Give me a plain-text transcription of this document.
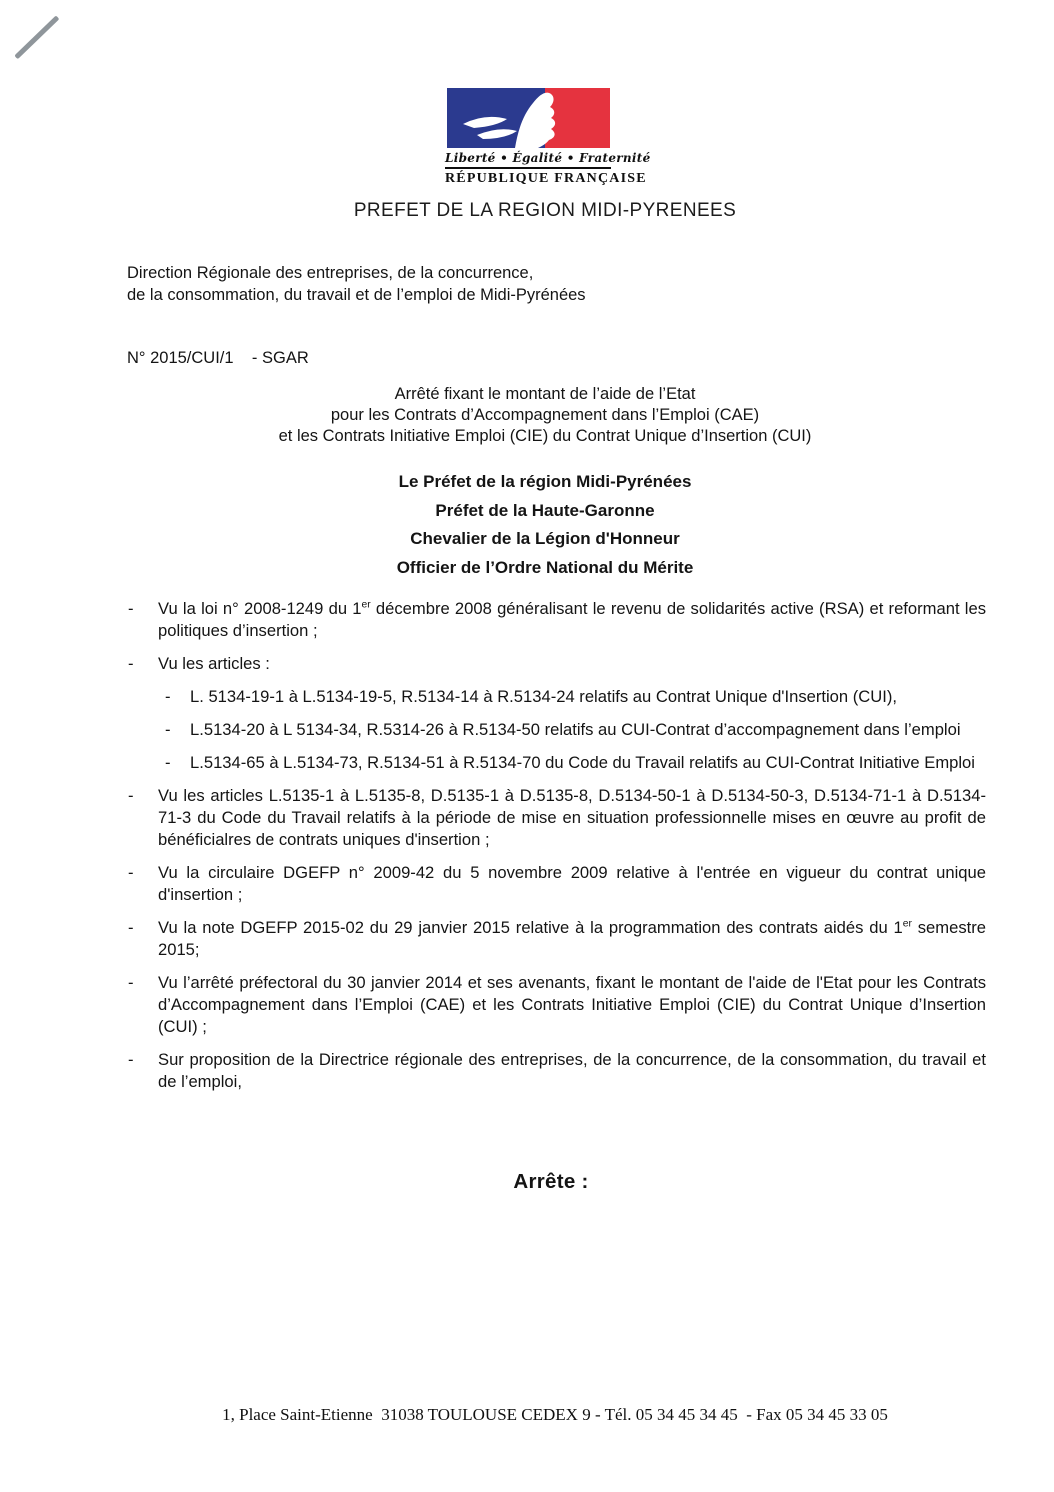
Liberté • Égalité • Fraternité
RÉPUBLIQUE FRANÇAISE
PREFET DE LA REGION MIDI-PYRENEES
Direction Régionale des entreprises, de la concurrence,
de la consommation, du travail et de l’emploi de Midi-Pyrénées
N° 2015/CUI/1    - SGAR
Arrêté fixant le montant de l’aide de l’Etat
pour les Contrats d’Accompagnement dans l’Emploi (CAE)
et les Contrats Initiative Emploi (CIE) du Contrat Unique d’Insertion (CUI)
Le Préfet de la région Midi-Pyrénées
Préfet de la Haute-Garonne
Chevalier de la Légion d'Honneur
Officier de l’Ordre National du Mérite
-	Vu la loi n° 2008-1249 du 1er décembre 2008 généralisant le revenu de solidarités active (RSA) et reformant les politiques d’insertion ;
-	Vu les articles :
-	L. 5134-19-1 à L.5134-19-5, R.5134-14 à R.5134-24 relatifs au Contrat Unique d'Insertion (CUI),
-	L.5134-20 à L 5134-34, R.5314-26 à R.5134-50 relatifs au CUI-Contrat d’accompagnement dans l’emploi
-	L.5134-65 à L.5134-73, R.5134-51 à R.5134-70 du Code du Travail relatifs au CUI-Contrat Initiative Emploi
-	Vu les articles L.5135-1 à L.5135-8, D.5135-1 à D.5135-8, D.5134-50-1 à D.5134-50-3, D.5134-71-1 à D.5134-71-3 du Code du Travail relatifs à la période de mise en situation professionnelle mises en œuvre au profit de bénéficialres de contrats uniques d'insertion ;
-	Vu la circulaire DGEFP n° 2009-42 du 5 novembre 2009 relative à l'entrée en vigueur du contrat unique d'insertion ;
-	Vu la note DGEFP 2015-02 du 29 janvier 2015 relative à la programmation des contrats aidés du 1er semestre 2015;
-	Vu l’arrêté préfectoral du 30 janvier 2014 et ses avenants, fixant le montant de l'aide de l'Etat pour les Contrats d’Accompagnement dans l’Emploi (CAE) et les Contrats Initiative Emploi (CIE) du Contrat Unique d’Insertion (CUI) ;
-	Sur proposition de la Directrice régionale des entreprises, de la concurrence, de la consommation, du travail et de l’emploi,
Arrête :
1, Place Saint-Etienne  31038 TOULOUSE CEDEX 9 - Tél. 05 34 45 34 45  - Fax 05 34 45 33 05
